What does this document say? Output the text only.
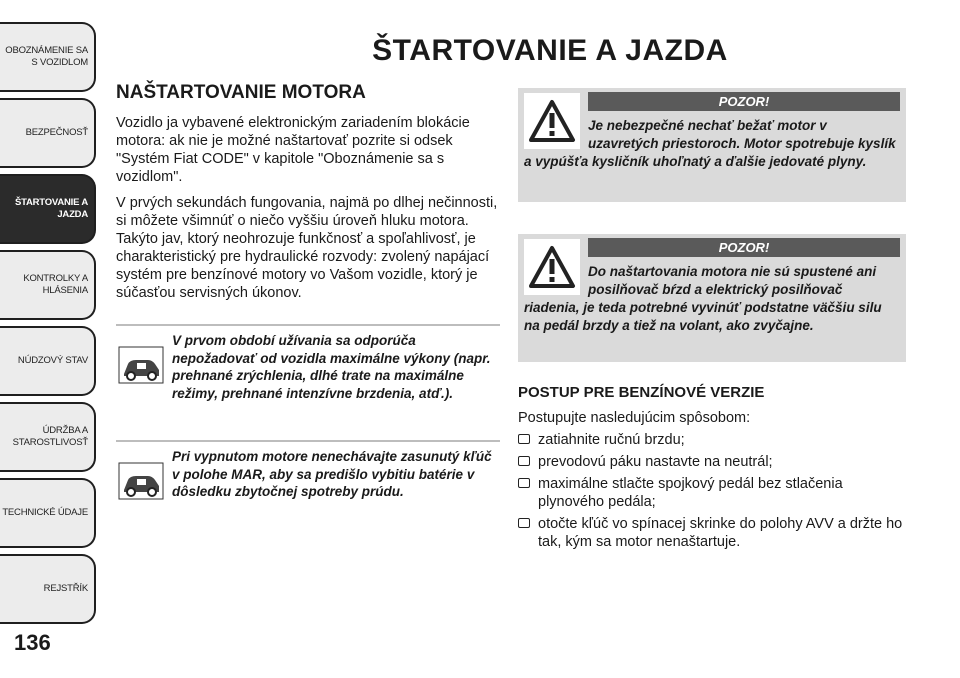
OBOZNÁMENIE SA
S VOZIDLOM
BEZPEČNOSŤ
ŠTARTOVANIE A
JAZDA
KONTROLKY A
HLÁSENIA
NÚDZOVÝ STAV
ÚDRŽBA A
STAROSTLIVOSŤ
TECHNICKÉ ÚDAJE
REJSTŘÍK
136
ŠTARTOVANIE A JAZDA
NAŠTARTOVANIE MOTORA

Vozidlo ja vybavené elektronickým zariadením blokácie motora: ak nie je možné naštartovať pozrite si odsek "Systém Fiat CODE" v kapitole "Oboznámenie sa s vozidlom".

V prvých sekundách fungovania, najmä po dlhej nečinnosti, si môžete všimnúť o niečo vyššiu úroveň hluku motora. Takýto jav, ktorý neohrozuje funkčnosť a spoľahlivosť, je charakteristický pre hydraulické rozvody: zvolený napájací systém pre benzínové motory vo Vašom vozidle, ktorý je súčasťou servisných úkonov.

V prvom období užívania sa odporúča nepožadovať od vozidla maximálne výkony (napr. prehnané zrýchlenia, dlhé trate na maximálne režimy, prehnané intenzívne brzdenia, atď.).
Pri vypnutom motore nenechávajte zasunutý kľúč v polohe MAR, aby sa predišlo vybitiu batérie v dôsledku zbytočnej spotreby prúdu.
POZOR!
Je nebezpečné nechať bežať motor v uzavretých priestoroch. Motor spotrebuje kyslík a vypúšťa kysličník uhoľnatý a ďalšie jedovaté plyny.
POZOR!
Do naštartovania motora nie sú spustené ani posilňovač bŕzd a elektrický posilňovač riadenia, je teda potrebné vyvinúť podstatne väčšiu silu na pedál brzdy a tiež na volant, ako zvyčajne.
POSTUP PRE BENZÍNOVÉ VERZIE

Postupujte nasledujúcim spôsobom:

zatiahnite ručnú brzdu;
prevodovú páku nastavte na neutrál;
maximálne stlačte spojkový pedál bez stlačenia plynového pedála;
otočte kľúč vo spínacej skrinke do polohy AVV a držte ho tak, kým sa motor nenaštartuje.
